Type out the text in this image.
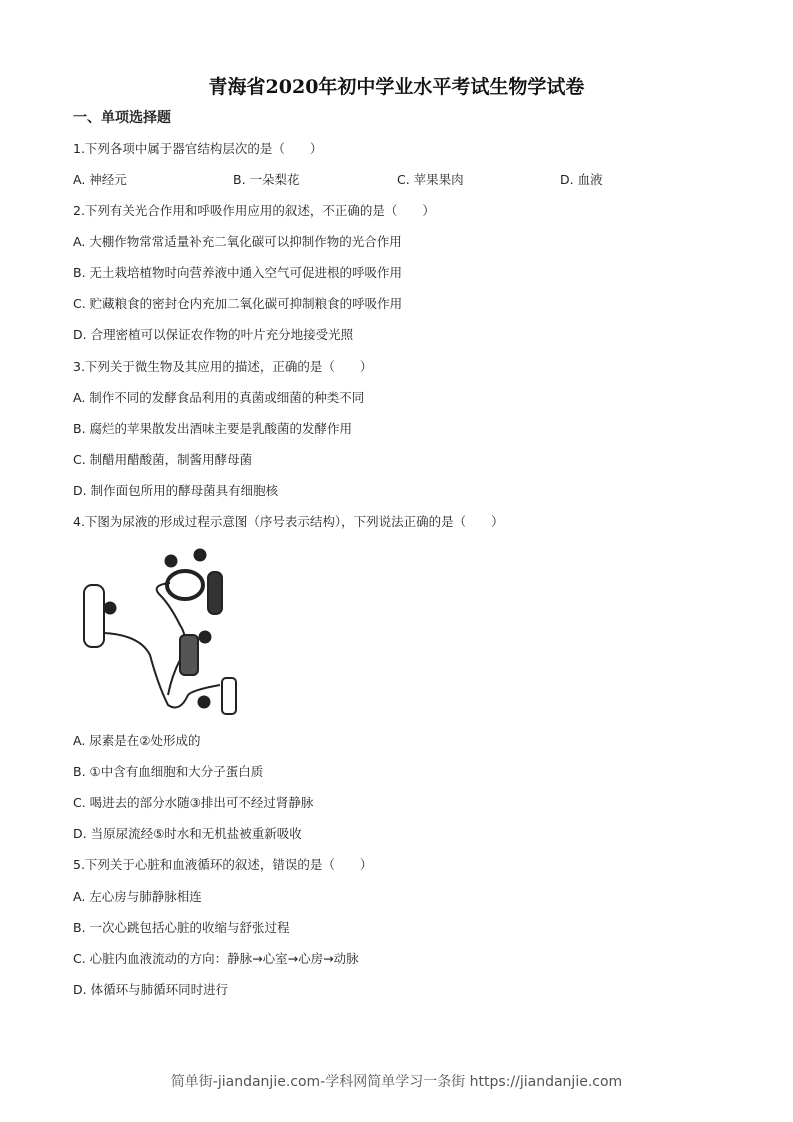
青海省2020年初中学业水平考试生物学试卷
一、单项选择题
1.下列各项中属于器官结构层次的是（　　）
A. 神经元	B. 一朵梨花	C. 苹果果肉	D. 血液
2.下列有关光合作用和呼吸作用应用的叙述，不正确的是（　　）
A. 大棚作物常常适量补充二氧化碳可以抑制作物的光合作用
B. 无土栽培植物时向营养液中通入空气可促进根的呼吸作用
C. 贮藏粮食的密封仓内充加二氧化碳可抑制粮食的呼吸作用
D. 合理密植可以保证农作物的叶片充分地接受光照
3.下列关于微生物及其应用的描述，正确的是（　　）
A. 制作不同的发酵食品利用的真菌或细菌的种类不同
B. 腐烂的苹果散发出酒味主要是乳酸菌的发酵作用
C. 制醋用醋酸菌，制酱用酵母菌
D. 制作面包所用的酵母菌具有细胞核
4.下图为尿液的形成过程示意图（序号表示结构），下列说法正确的是（　　）
① ②
③
④
⑤
A. 尿素是在②处形成的
B. ①中含有血细胞和大分子蛋白质
C. 喝进去的部分水随③排出可不经过肾静脉
D. 当原尿流经⑤时水和无机盐被重新吸收
5.下列关于心脏和血液循环的叙述，错误的是（　　）
A. 左心房与肺静脉相连
B. 一次心跳包括心脏的收缩与舒张过程
C. 心脏内血液流动的方向：静脉→心室→心房→动脉
D. 体循环与肺循环同时进行
简单街-jiandanjie.com-学科网简单学习一条街 https://jiandanjie.com
